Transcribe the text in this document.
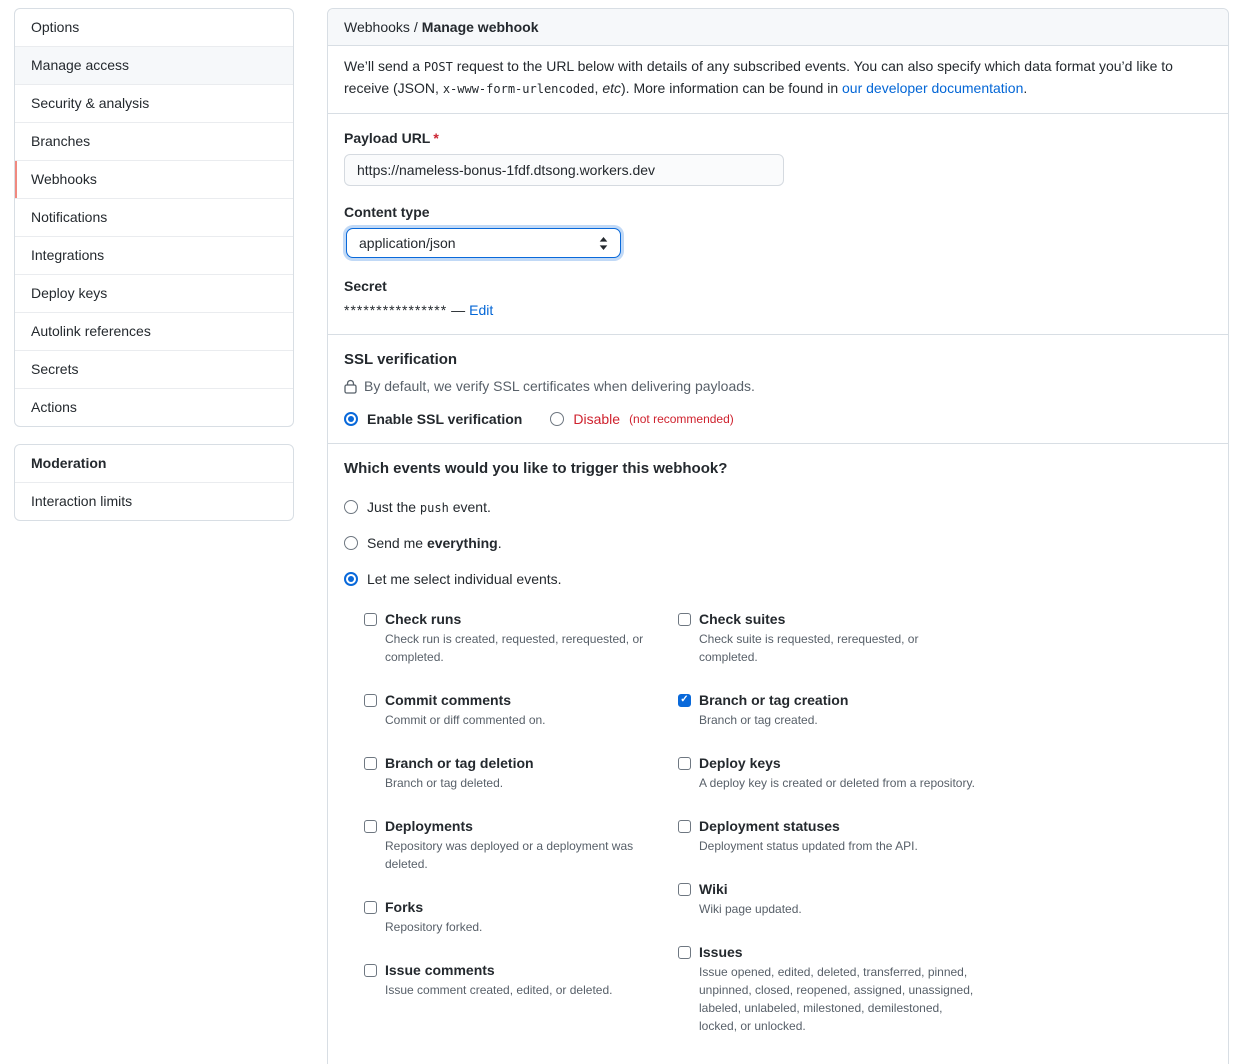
Options
Manage access
Security & analysis
Branches
Webhooks
Notifications
Integrations
Deploy keys
Autolink references
Secrets
Actions
Moderation
Interaction limits
Webhooks / Manage webhook
We’ll send a POST request to the URL below with details of any subscribed events. You can also specify which data format you’d like to receive (JSON, x-www-form-urlencoded, etc). More information can be found in our developer documentation.
Payload URL *
https://nameless-bonus-1fdf.dtsong.workers.dev
Content type
application/json
Secret
**************** — Edit
SSL verification
By default, we verify SSL certificates when delivering payloads.
Enable SSL verification	Disable (not recommended)
Which events would you like to trigger this webhook?
Just the push event.
Send me everything.
Let me select individual events.
Check runs
Check run is created, requested, rerequested, or completed.
Commit comments
Commit or diff commented on.
Branch or tag deletion
Branch or tag deleted.
Deployments
Repository was deployed or a deployment was deleted.
Forks
Repository forked.
Issue comments
Issue comment created, edited, or deleted.
Check suites
Check suite is requested, rerequested, or completed.
✓
Branch or tag creation
Branch or tag created.
Deploy keys
A deploy key is created or deleted from a repository.
Deployment statuses
Deployment status updated from the API.
Wiki
Wiki page updated.
Issues
Issue opened, edited, deleted, transferred, pinned, unpinned, closed, reopened, assigned, unassigned, labeled, unlabeled, milestoned, demilestoned, locked, or unlocked.
